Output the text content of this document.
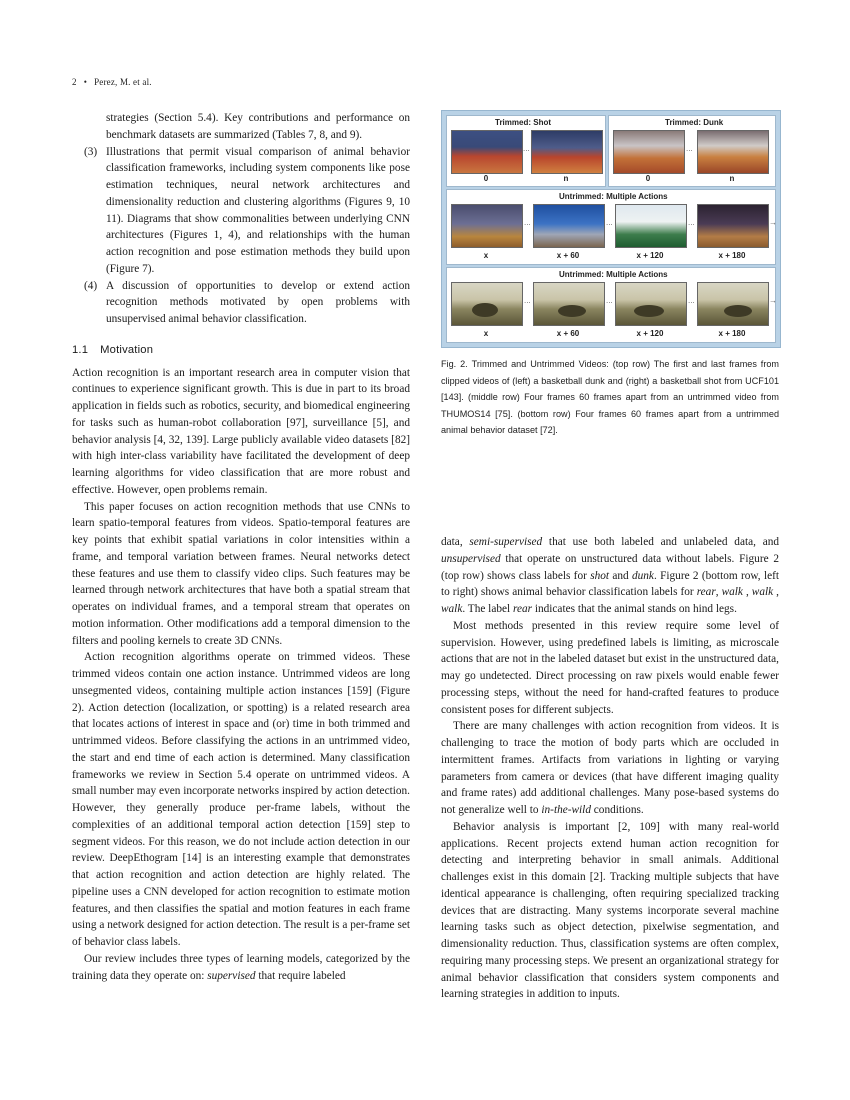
2 • Perez, M. et al.

strategies (Section 5.4). Key contributions and performance on benchmark datasets are summarized (Tables 7, 8, and 9).

(3) Illustrations that permit visual comparison of animal behavior classification frameworks, including system components like pose estimation techniques, neural network architectures and dimensionality reduction and clustering algorithms (Figures 9, 10 11). Diagrams that show commonalities between underlying CNN architectures (Figures 1, 4), and relationships with the human action recognition and pose estimation methods they build upon (Figure 7).
(4) A discussion of opportunities to develop or extend action recognition methods motivated by open problems with unsupervised animal behavior classification.
1.1 Motivation

Action recognition is an important research area in computer vision that continues to experience significant growth. This is due in part to its broad application in fields such as robotics, security, and biomedical engineering for tasks such as human-robot collaboration [97], surveillance [5], and behavior analysis [4, 32, 139]. Large publicly available video datasets [82] with high inter-class variability have facilitated the development of deep learning algorithms for video classification that are more robust and effective. However, open problems remain.

This paper focuses on action recognition methods that use CNNs to learn spatio-temporal features from videos. Spatio-temporal features are key points that exhibit spatial variations in color intensities within a frame, and temporal variation between frames. Neural networks detect these features and use them to classify video clips. Such features may be learned through network architectures that have both a spatial stream that operates on individual frames, and a temporal stream that operates on motion information. Other modifications add a temporal dimension to the filters and pooling kernels to create 3D CNNs.

Action recognition algorithms operate on trimmed videos. These trimmed videos contain one action instance. Untrimmed videos are long unsegmented videos, containing multiple action instances [159] (Figure 2). Action detection (localization, or spotting) is a related research area that locates actions of interest in space and (or) time in both trimmed and untrimmed videos. Before classifying the actions in an untrimmed video, the start and end time of each action is determined. Many classification frameworks we review in Section 5.4 operate on untrimmed videos. A small number may even incorporate networks inspired by action detection. However, they generally produce per-frame labels, without the complexities of an additional temporal action detection [159] step to segment videos. For this reason, we do not include action detection in our review. DeepEthogram [14] is an interesting example that demonstrates that action recognition and action detection are highly related. The pipeline uses a CNN developed for action recognition to estimate motion features, and then classifies the spatial and motion features in each frame using a network designed for action detection. The result is a per-frame set of behavior class labels.

Our review includes three types of learning models, categorized by the training data they operate on: supervised that require labeled

Trimmed: Shot
...
0	n
Trimmed: Dunk
...
0	n
Untrimmed: Multiple Actions
...	...	...	→
x	x + 60	x + 120	x + 180
Untrimmed: Multiple Actions
...	...	...	→
x	x + 60	x + 120	x + 180
Fig. 2. Trimmed and Untrimmed Videos: (top row) The first and last frames from clipped videos of (left) a basketball dunk and (right) a basketball shot from UCF101 [143]. (middle row) Four frames 60 frames apart from an untrimmed video from THUMOS14 [75]. (bottom row) Four frames 60 frames apart from a untrimmed animal behavior dataset [72].

data, semi-supervised that use both labeled and unlabeled data, and unsupervised that operate on unstructured data without labels. Figure 2 (top row) shows class labels for shot and dunk. Figure 2 (bottom row, left to right) shows animal behavior classification labels for rear, walk , walk , walk. The label rear indicates that the animal stands on hind legs.

Most methods presented in this review require some level of supervision. However, using predefined labels is limiting, as microscale actions that are not in the labeled dataset but exist in the unstructured data, may go undetected. Direct processing on raw pixels would enable fewer processing steps, without the need for hand-crafted features to produce consistent poses for different subjects.

There are many challenges with action recognition from videos. It is challenging to trace the motion of body parts which are occluded in intermittent frames. Artifacts from variations in lighting or varying parameters from camera or devices (that have different imaging quality and frame rates) add additional challenges. Many pose-based systems do not generalize well to in-the-wild conditions.

Behavior analysis is important [2, 109] with many real-world applications. Recent projects extend human action recognition for detecting and interpreting behavior in small animals. Additional challenges exist in this domain [2]. Tracking multiple subjects that have identical appearance is challenging, often requiring specialized tracking devices that are distracting. Many systems incorporate several machine learning tasks such as object detection, pixelwise segmentation, and dimensionality reduction. Thus, classification systems are often complex, requiring many processing steps. We present an organizational strategy for animal behavior classification that considers system components and learning strategies in addition to inputs.
